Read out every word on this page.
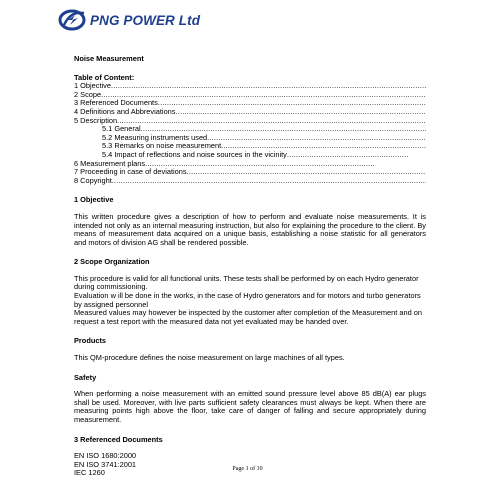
PNG POWER Ltd
Noise Measurement
Table of Content:
1 Objective
.....
2 Scope
.....
3 Referenced Documents
.....
4 Definitions and Abbreviations
.....
5 Description
.....
5.1 General
.....
5.2 Measuring instruments used
.....
5.3 Remarks on noise measurement
.....
5.4 Impact of reflections and noise sources in the vicinity
.....
6 Measurement plans
.....
7 Proceeding in case of deviations
.....
8 Copyright
.....
1 Objective

This written procedure gives a description of how to perform and evaluate noise measurements. It is intended not only as an internal measuring instruction, but also for explaining the procedure to the client. By means of measurement data acquired on a unique basis, establishing a noise statistic for all generators and motors of division AG shall be rendered possible.

2 Scope Organization
This procedure is valid for all functional units. These tests shall be performed by on each Hydro generator during commissioning.
Evaluation w ill be done in the works, in the case of Hydro generators and for motors and turbo generators by assigned personnel
Measured values may however be inspected by the customer after completion of the Measurement and on request a test report with the measured data not yet evaluated may be handed over.
Products

This QM-procedure defines the noise measurement on large machines of all types.

Safety

When performing a noise measurement with an emitted sound pressure level above 85 dB(A) ear plugs shall be used. Moreover, with live parts sufficient safety clearances must always be kept. When there are measuring points high above the floor, take care of danger of falling and secure appropriately during measurement.

3 Referenced Documents
EN ISO 1680:2000
EN ISO 3741:2001
IEC 1260	Page 1 of 10
